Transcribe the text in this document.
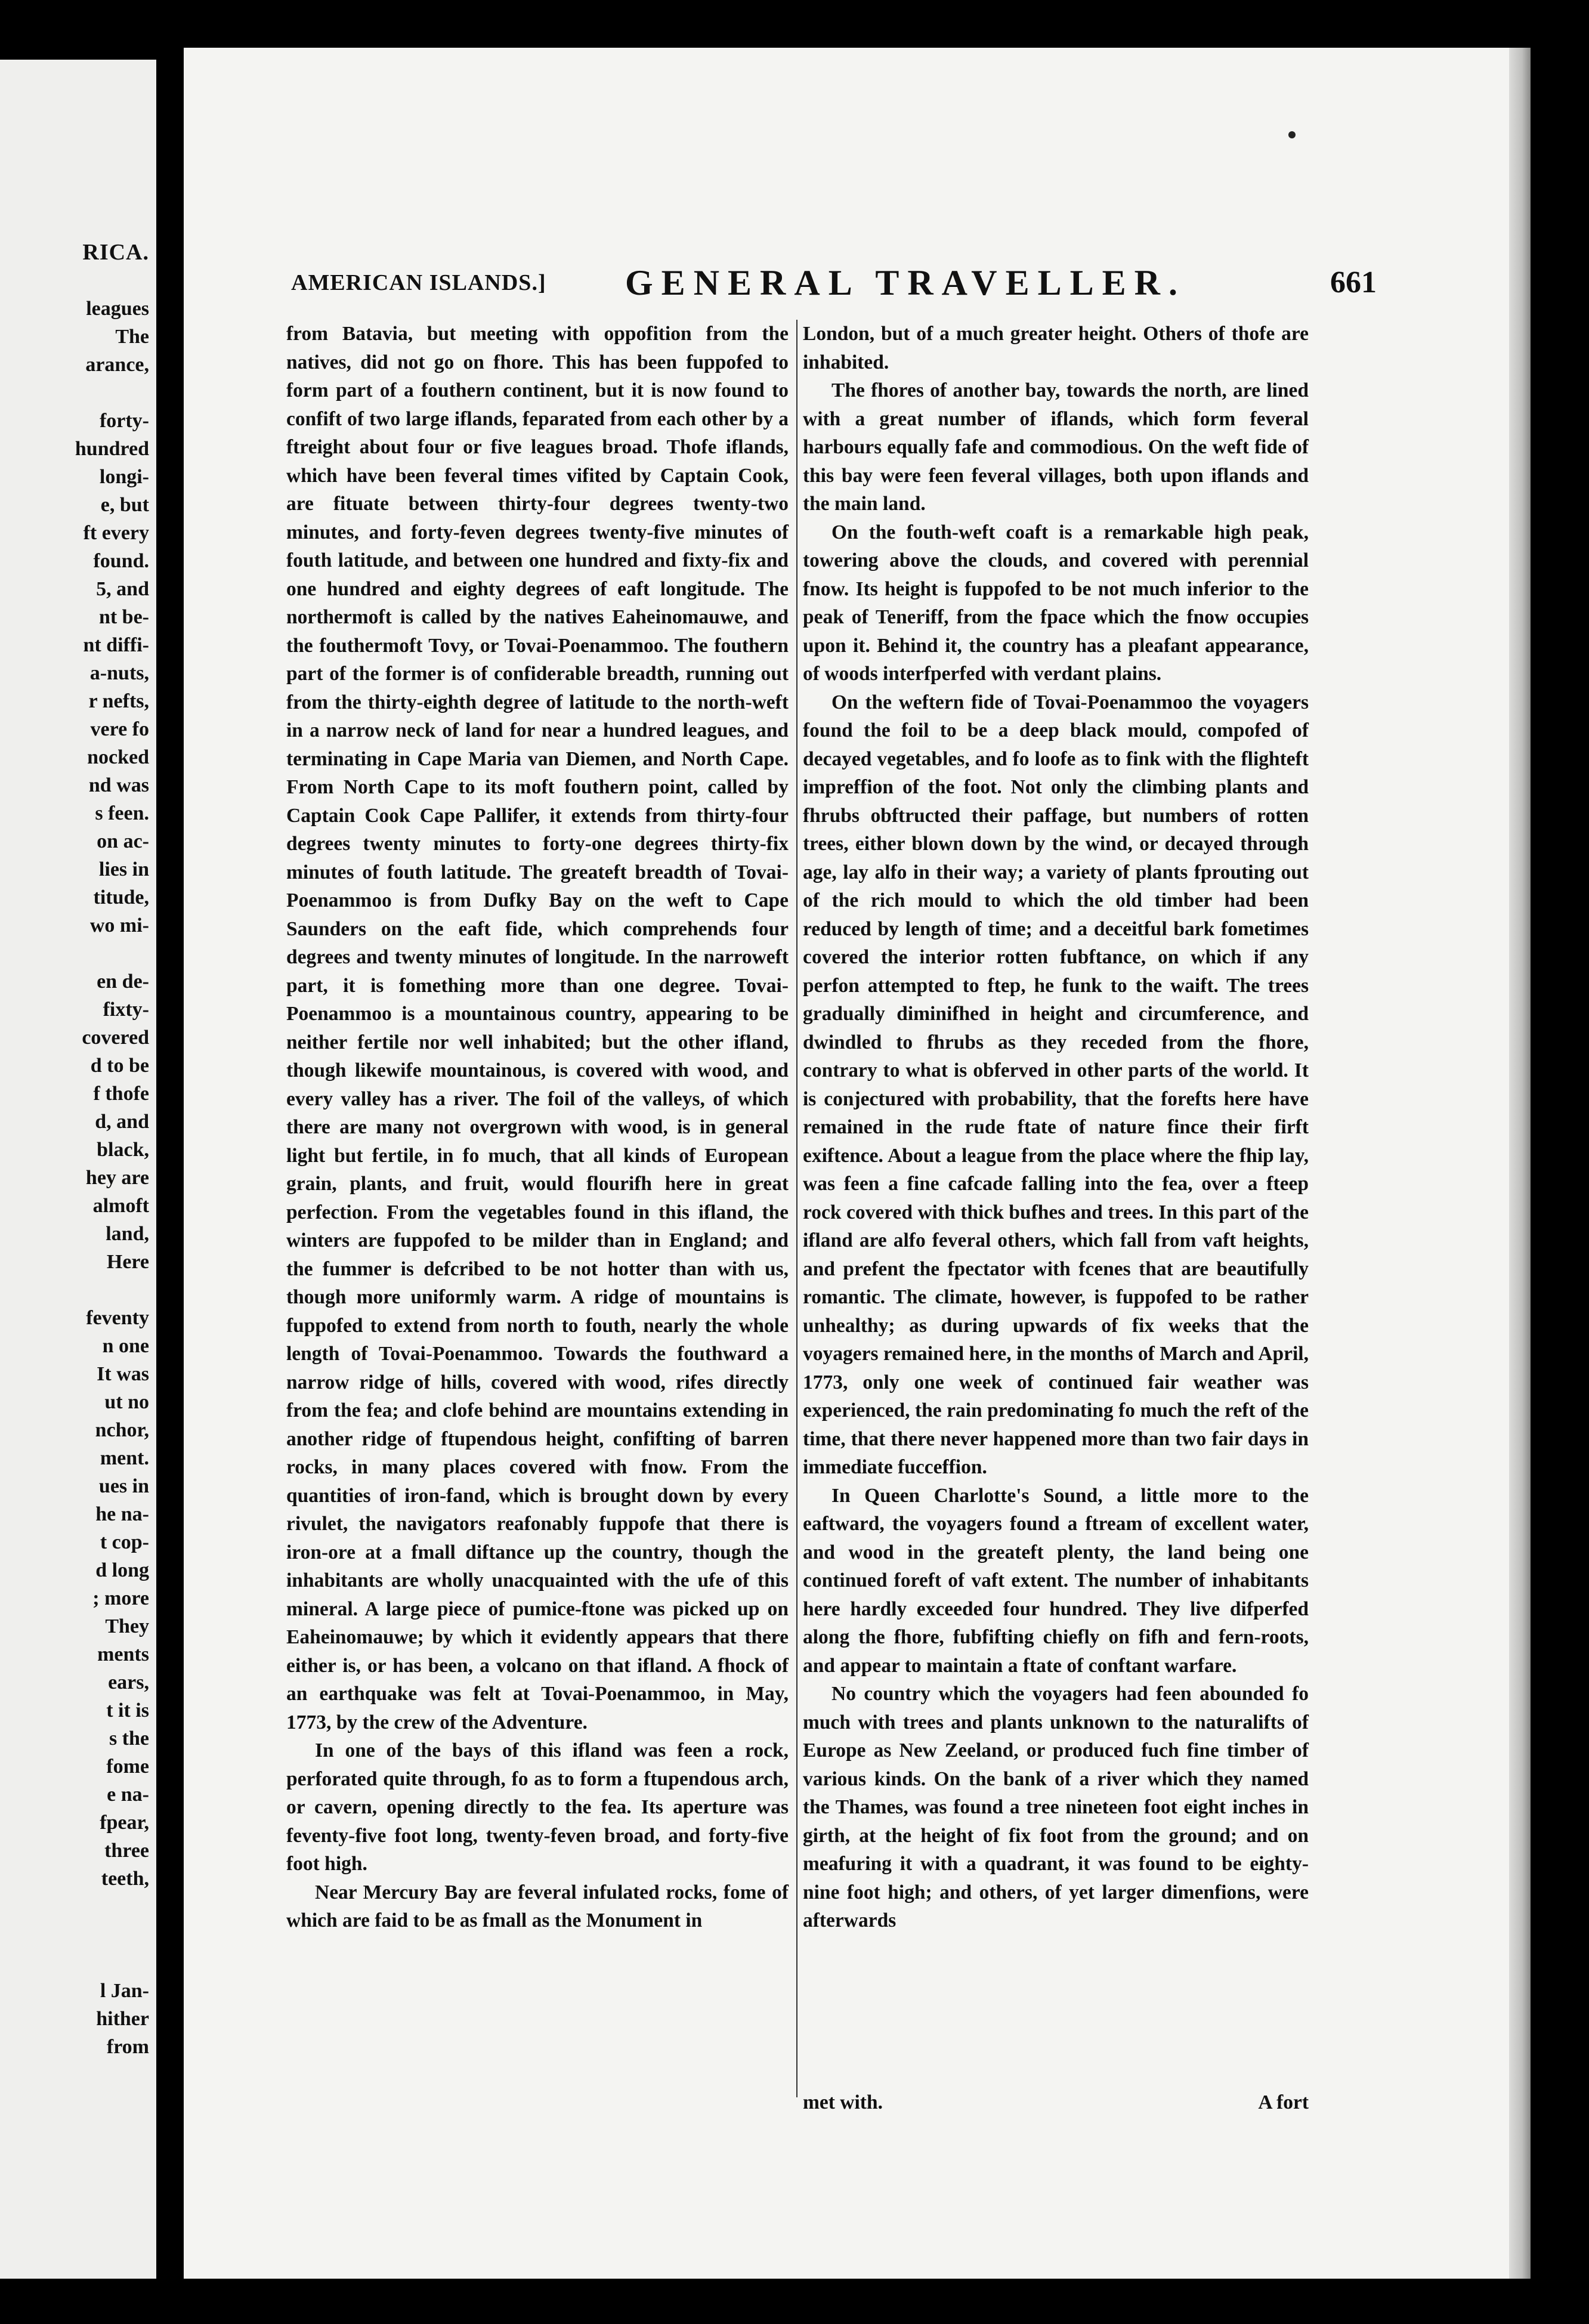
RICA.
leagues
The
arance,
forty-
hundred
longi-
e, but
ft every
found.
5, and
nt be-
nt diffi-
a-nuts,
r nefts,
vere fo
nocked
nd was
s feen.
on ac-
lies in
titude,
wo mi-
en de-
fixty-
covered
d to be
f thofe
d, and
black,
hey are
almoft
land,
Here
feventy
n one
It was
ut no
nchor,
ment.
ues in
he na-
t cop-
d long
; more
They
ments
ears,
t it is
s the
fome
e na-
fpear,
three
teeth,
l Jan-
hither
from
AMERICAN ISLANDS.] GENERAL TRAVELLER.	661

from Batavia, but meeting with oppofition from the natives, did not go on fhore. This has been fuppofed to form part of a fouthern continent, but it is now found to confift of two large iflands, feparated from each other by a ftreight about four or five leagues broad. Thofe iflands, which have been feveral times vifited by Captain Cook, are fituate between thirty-four degrees twenty-two minutes, and forty-feven degrees twenty-five minutes of fouth latitude, and between one hundred and fixty-fix and one hundred and eighty degrees of eaft longitude. The northermoft is called by the natives Eaheinomauwe, and the fouthermoft Tovy, or Tovai-Poenammoo. The fouthern part of the former is of confiderable breadth, running out from the thirty-eighth degree of latitude to the north-weft in a narrow neck of land for near a hundred leagues, and terminating in Cape Maria van Diemen, and North Cape. From North Cape to its moft fouthern point, called by Captain Cook Cape Pallifer, it extends from thirty-four degrees twenty minutes to forty-one degrees thirty-fix minutes of fouth latitude. The greateft breadth of Tovai-Poenammoo is from Dufky Bay on the weft to Cape Saunders on the eaft fide, which comprehends four degrees and twenty minutes of longitude. In the narroweft part, it is fomething more than one degree. Tovai-Poenammoo is a mountainous country, appearing to be neither fertile nor well inhabited; but the other ifland, though likewife mountainous, is covered with wood, and every valley has a river. The foil of the valleys, of which there are many not overgrown with wood, is in general light but fertile, in fo much, that all kinds of European grain, plants, and fruit, would flourifh here in great perfection. From the vegetables found in this ifland, the winters are fuppofed to be milder than in England; and the fummer is defcribed to be not hotter than with us, though more uniformly warm. A ridge of mountains is fuppofed to extend from north to fouth, nearly the whole length of Tovai-Poenammoo. Towards the fouthward a narrow ridge of hills, covered with wood, rifes directly from the fea; and clofe behind are mountains extending in another ridge of ftupendous height, confifting of barren rocks, in many places covered with fnow. From the quantities of iron-fand, which is brought down by every rivulet, the navigators reafonably fuppofe that there is iron-ore at a fmall diftance up the country, though the inhabitants are wholly unacquainted with the ufe of this mineral. A large piece of pumice-ftone was picked up on Eaheinomauwe; by which it evidently appears that there either is, or has been, a volcano on that ifland. A fhock of an earthquake was felt at Tovai-Poenammoo, in May, 1773, by the crew of the Adventure.

In one of the bays of this ifland was feen a rock, perforated quite through, fo as to form a ftupendous arch, or cavern, opening directly to the fea. Its aperture was feventy-five foot long, twenty-feven broad, and forty-five foot high.

Near Mercury Bay are feveral infulated rocks, fome of which are faid to be as fmall as the Monument in

London, but of a much greater height. Others of thofe are inhabited.

The fhores of another bay, towards the north, are lined with a great number of iflands, which form feveral harbours equally fafe and commodious. On the weft fide of this bay were feen feveral villages, both upon iflands and the main land.

On the fouth-weft coaft is a remarkable high peak, towering above the clouds, and covered with perennial fnow. Its height is fuppofed to be not much inferior to the peak of Teneriff, from the fpace which the fnow occupies upon it. Behind it, the country has a pleafant appearance, of woods interfperfed with verdant plains.

On the weftern fide of Tovai-Poenammoo the voyagers found the foil to be a deep black mould, compofed of decayed vegetables, and fo loofe as to fink with the flighteft impreffion of the foot. Not only the climbing plants and fhrubs obftructed their paffage, but numbers of rotten trees, either blown down by the wind, or decayed through age, lay alfo in their way; a variety of plants fprouting out of the rich mould to which the old timber had been reduced by length of time; and a deceitful bark fometimes covered the interior rotten fubftance, on which if any perfon attempted to ftep, he funk to the waift. The trees gradually diminifhed in height and circumference, and dwindled to fhrubs as they receded from the fhore, contrary to what is obferved in other parts of the world. It is conjectured with probability, that the forefts here have remained in the rude ftate of nature fince their firft exiftence. About a league from the place where the fhip lay, was feen a fine cafcade falling into the fea, over a fteep rock covered with thick bufhes and trees. In this part of the ifland are alfo feveral others, which fall from vaft heights, and prefent the fpectator with fcenes that are beautifully romantic. The climate, however, is fuppofed to be rather unhealthy; as during upwards of fix weeks that the voyagers remained here, in the months of March and April, 1773, only one week of continued fair weather was experienced, the rain predominating fo much the reft of the time, that there never happened more than two fair days in immediate fucceffion.

In Queen Charlotte's Sound, a little more to the eaftward, the voyagers found a ftream of excellent water, and wood in the greateft plenty, the land being one continued foreft of vaft extent. The number of inhabitants here hardly exceeded four hundred. They live difperfed along the fhore, fubfifting chiefly on fifh and fern-roots, and appear to maintain a ftate of conftant warfare.

No country which the voyagers had feen abounded fo much with trees and plants unknown to the naturalifts of Europe as New Zeeland, or produced fuch fine timber of various kinds. On the bank of a river which they named the Thames, was found a tree nineteen foot eight inches in girth, at the height of fix foot from the ground; and on meafuring it with a quadrant, it was found to be eighty-nine foot high; and others, of yet larger dimenfions, were afterwards

met with.	A fort
